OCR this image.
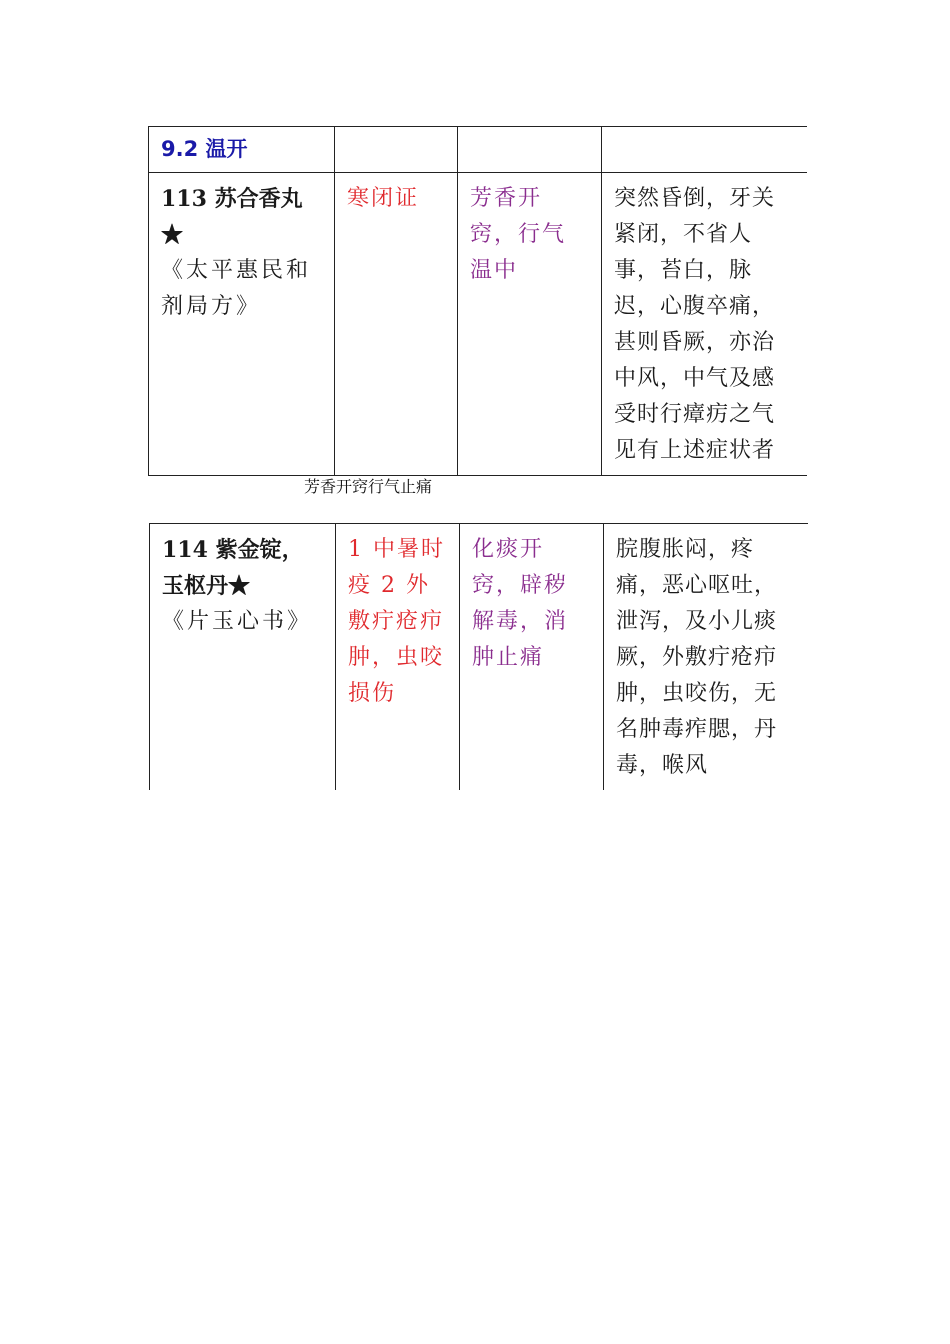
9.2 温开			

113 苏合香丸★
《太平惠民和剂局方》	寒闭证	芳香开窍，行气温中	突然昏倒，牙关紧闭，不省人事，苔白，脉迟，心腹卒痛，甚则昏厥，亦治中风，中气及感受时行瘴疠之气见有上述症状者
芳香开窍行气止痛
114 紫金锭，玉枢丹★
《片玉心书》
	1 中暑时疫 2 外敷疔疮疖肿，虫咬损伤	化痰开窍，辟秽解毒，消肿止痛	脘腹胀闷，疼痛，恶心呕吐，泄泻，及小儿痰厥，外敷疔疮疖肿，虫咬伤，无名肿毒痄腮，丹毒，喉风
